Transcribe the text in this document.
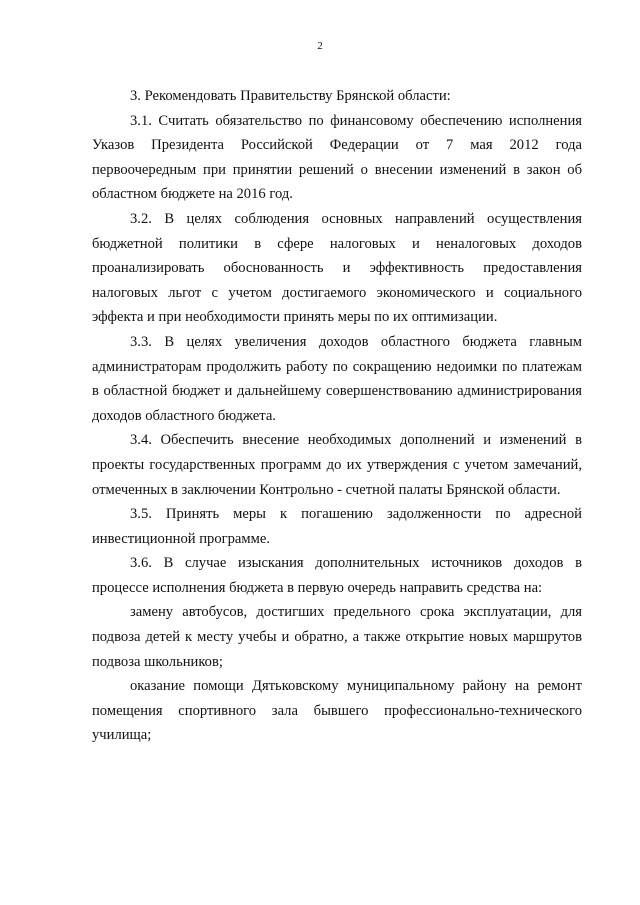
2

3. Рекомендовать Правительству Брянской области:

3.1. Считать обязательство по финансовому обеспечению исполнения Указов Президента Российской Федерации от 7 мая 2012 года первоочередным при принятии решений о внесении изменений в закон об областном бюджете на 2016 год.

3.2. В целях соблюдения основных направлений осуществления бюджетной политики в сфере налоговых и неналоговых доходов проанализировать обоснованность и эффективность предоставления налоговых льгот с учетом достигаемого экономического и социального эффекта и при необходимости принять меры по их оптимизации.

3.3. В целях увеличения доходов областного бюджета главным администраторам продолжить работу по сокращению недоимки по платежам в областной бюджет и дальнейшему совершенствованию администрирования доходов областного бюджета.

3.4. Обеспечить внесение необходимых дополнений и изменений в проекты государственных программ до их утверждения с учетом замечаний, отмеченных в заключении Контрольно - счетной палаты Брянской области.

3.5. Принять меры к погашению задолженности по адресной инвестиционной программе.

3.6. В случае изыскания дополнительных источников доходов в процессе исполнения бюджета в первую очередь направить средства на:

замену автобусов, достигших предельного срока эксплуатации, для подвоза детей к месту учебы и обратно, а также открытие новых маршрутов подвоза школьников;

оказание помощи Дятьковскому муниципальному району на ремонт помещения спортивного зала бывшего профессионально-технического училища;
